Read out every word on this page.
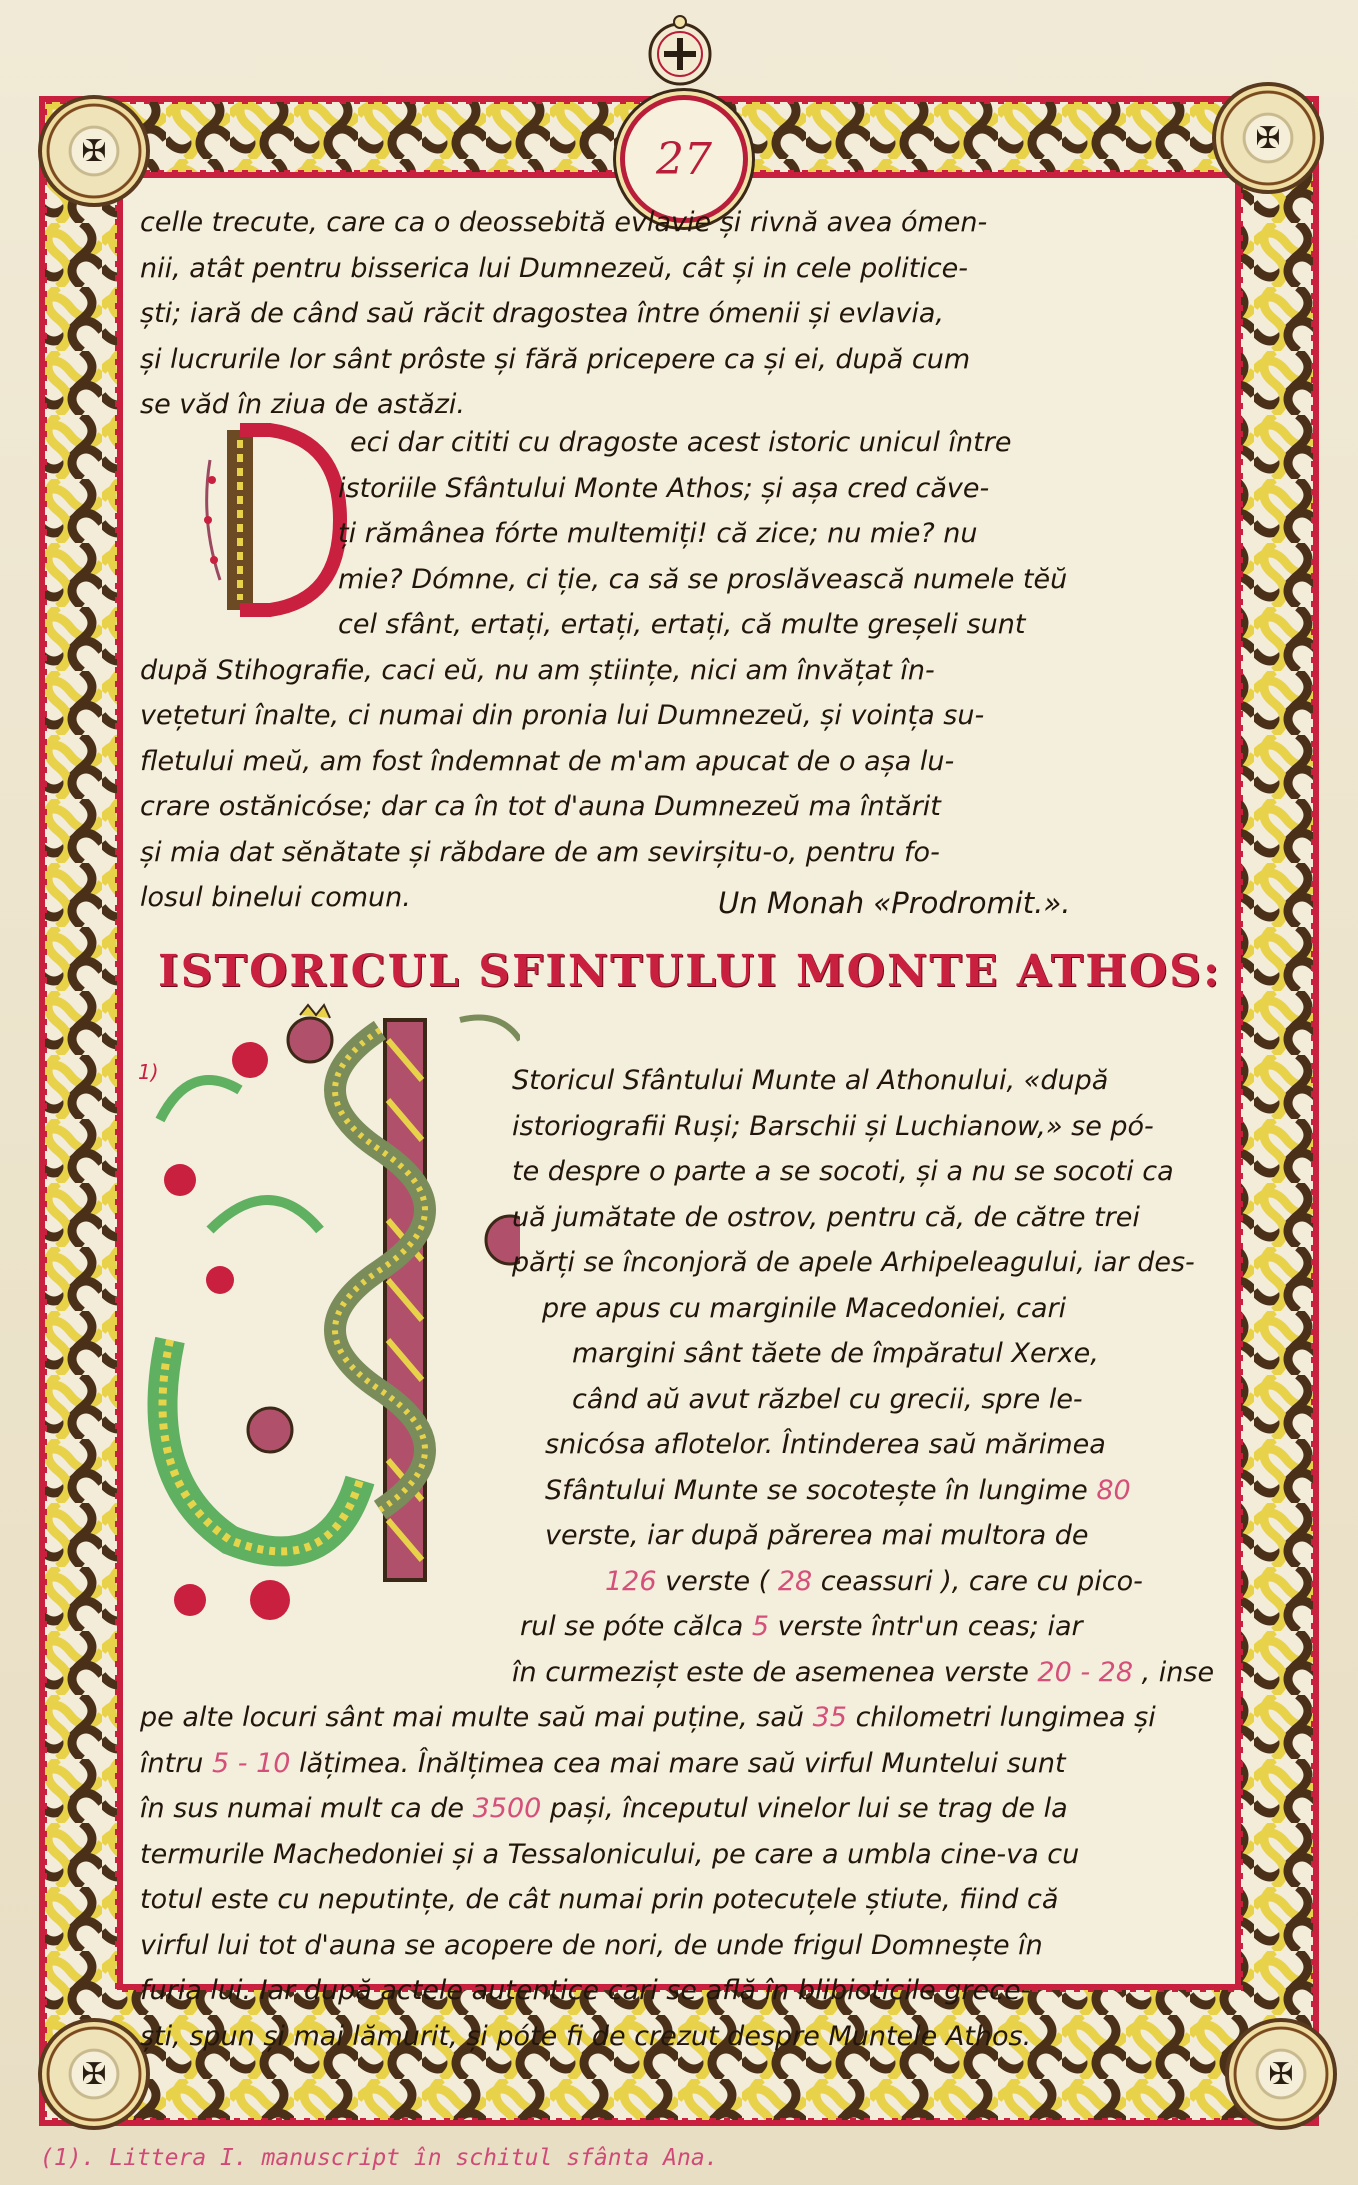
✠
✠
✠
✠
27
celle trecute, care ca o deossebită evlavie și rivnă avea ómen-
nii, atât pentru bisserica lui Dumnezeŭ, cât și in cele politice-
ști; iară de când saŭ răcit dragostea între ómenii și evlavia,
și lucrurile lor sânt prôste și fără pricepere ca și ei, după cum
se văd în ziua de astăzi.
eci dar cititi cu dragoste acest istoric unicul între
istoriile Sfântului Monte Athos; și așa cred căve-
ți rămânea fórte multemiți! că zice; nu mie? nu
mie? Dómne, ci ție, ca să se proslăvească numele tĕŭ
cel sfânt, ertați, ertați, ertați, că multe greșeli sunt
după Stihografie, caci eŭ, nu am științe, nici am învățat în-
vețeturi înalte, ci numai din pronia lui Dumnezeŭ, și voința su-
fletului meŭ, am fost îndemnat de m'am apucat de o așa lu-
crare ostănicóse; dar ca în tot d'auna Dumnezeŭ ma întărit
și mia dat sĕnătate și răbdare de am sevirșitu-o, pentru fo-
losul binelui comun.	Un Monah «Prodromit.».
ISTORICUL SFINTULUI MONTE ATHOS:
1)	Storicul Sfântului Munte al Athonului, «după
istoriografii Ruși; Barschii și Luchianow,» se pó-
te despre o parte a se socoti, și a nu se socoti ca
uă jumătate de ostrov, pentru că, de către trei
părți se înconjoră de apele Arhipeleagului, iar des-
pre apus cu marginile Macedoniei, cari
margini sânt tăete de împăratul Xerxe,
când aŭ avut răzbel cu grecii, spre le-
snicósa aflotelor. Întinderea saŭ mărimea
Sfântului Munte se socotește în lungime 80
verste, iar după părerea mai multora de
126 verste ( 28 ceassuri ), care cu pico-
rul se póte călca 5 verste într'un ceas; iar
în curmezișt este de asemenea verste 20 - 28 , inse
pe alte locuri sânt mai multe saŭ mai puține, saŭ 35 chilometri lungimea și
întru 5 - 10 lățimea. Înălțimea cea mai mare saŭ virful Muntelui sunt
în sus numai mult ca de 3500 pași, începutul vinelor lui se trag de la
termurile Machedoniei și a Tessalonicului, pe care a umbla cine-va cu
totul este cu neputințe, de cât numai prin potecuțele știute, fiind că
virful lui tot d'auna se acopere de nori, de unde frigul Domnește în
furia lui. Iar după actele autentice cari se află în blibioticile grece-
ști, spun și mai lămurit, și póte fi de crezut despre Muntele Athos.
(1). Littera I. manuscript în schitul sfânta Ana.
